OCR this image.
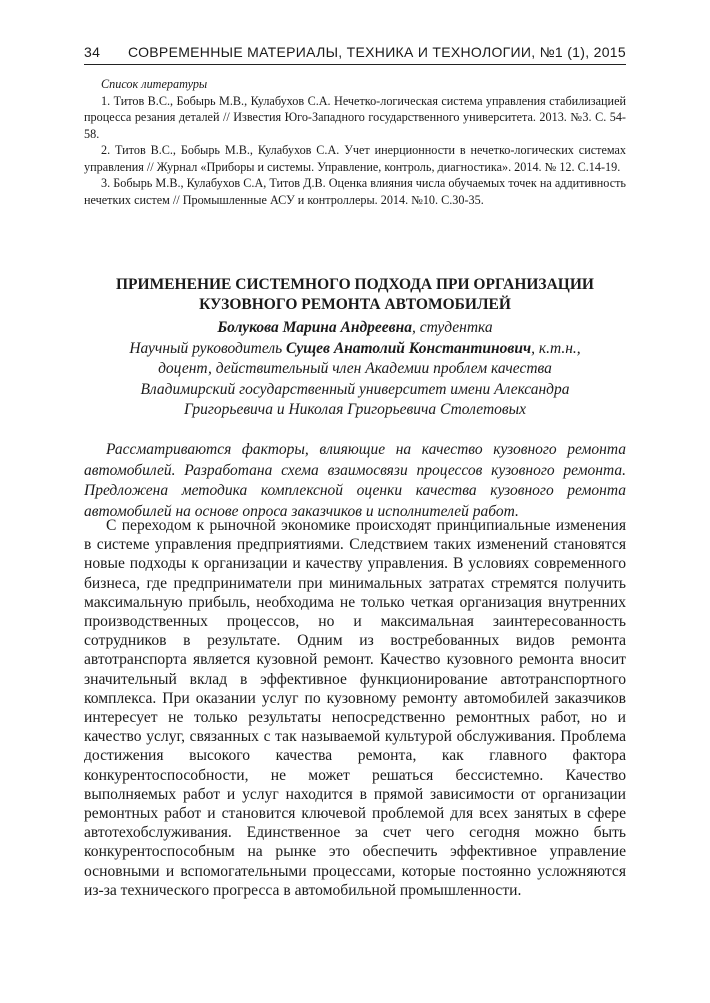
34 СОВРЕМЕННЫЕ МАТЕРИАЛЫ, ТЕХНИКА И ТЕХНОЛОГИИ, №1 (1), 2015
Список литературы

1. Титов В.С., Бобырь М.В., Кулабухов С.А. Нечетко-логическая система управления стабилизацией процесса резания деталей // Известия Юго-Западного государственного университета. 2013. №3. С. 54-58.

2. Титов В.С., Бобырь М.В., Кулабухов С.А. Учет инерционности в нечетко-логических системах управления // Журнал «Приборы и системы. Управление, контроль, диагностика». 2014. № 12. С.14-19.

3. Бобырь М.В., Кулабухов С.А, Титов Д.В. Оценка влияния числа обучаемых точек на аддитивность нечетких систем // Промышленные АСУ и контроллеры. 2014. №10. С.30-35.

ПРИМЕНЕНИЕ СИСТЕМНОГО ПОДХОДА ПРИ ОРГАНИЗАЦИИ КУЗОВНОГО РЕМОНТА АВТОМОБИЛЕЙ
Болукова Марина Андреевна, студентка
Научный руководитель Сущев Анатолий Константинович, к.т.н.,
доцент, действительный член Академии проблем качества
Владимирский государственный университет имени Александра
Григорьевича и Николая Григорьевича Столетовых
Рассматриваются факторы, влияющие на качество кузовного ремонта автомобилей. Разработана схема взаимосвязи процессов кузовного ремонта. Предложена методика комплексной оценки качества кузовного ремонта автомобилей на основе опроса заказчиков и исполнителей работ.
С переходом к рыночной экономике происходят принципиальные изменения в системе управления предприятиями. Следствием таких изменений становятся новые подходы к организации и качеству управления. В условиях современного бизнеса, где предприниматели при минимальных затратах стремятся получить максимальную прибыль, необходима не только четкая организация внутренних производственных процессов, но и максимальная заинтересованность сотрудников в результате. Одним из востребованных видов ремонта автотранспорта является кузовной ремонт. Качество кузовного ремонта вносит значительный вклад в эффективное функционирование автотранспортного комплекса. При оказании услуг по кузовному ремонту автомобилей заказчиков интересует не только результаты непосредственно ремонтных работ, но и качество услуг, связанных с так называемой культурой обслуживания. Проблема достижения высокого качества ремонта, как главного фактора конкурентоспособности, не может решаться бессистемно. Качество выполняемых работ и услуг находится в прямой зависимости от организации ремонтных работ и становится ключевой проблемой для всех занятых в сфере автотехобслуживания. Единственное за счет чего сегодня можно быть конкурентоспособным на рынке это обеспечить эффективное управление основными и вспомогательными процессами, которые постоянно усложняются из-за технического прогресса в автомобильной промышленности.
